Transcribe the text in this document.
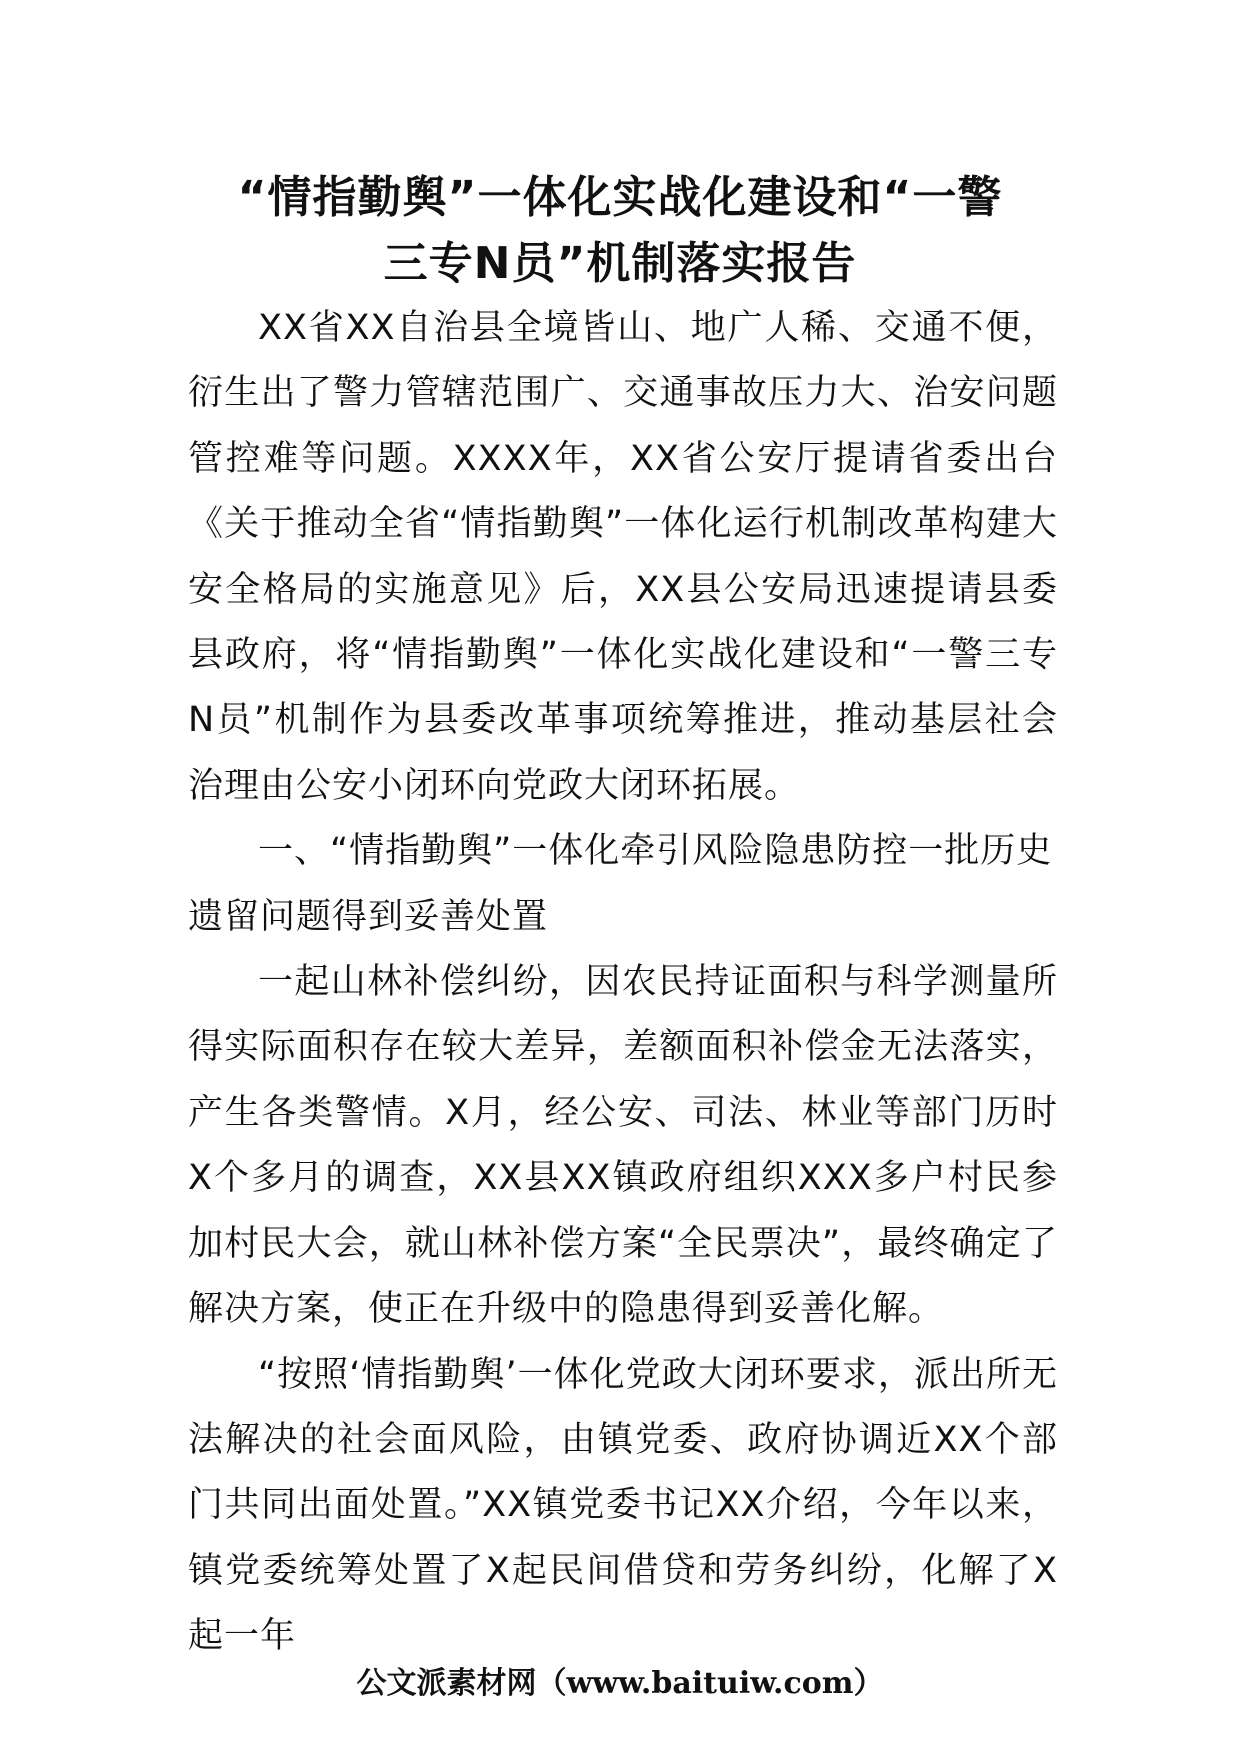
“情指勤舆”一体化实战化建设和“一警
三专N员”机制落实报告

XX省XX自治县全境皆山、地广人稀、交通不便，衍生出了警力管辖范围广、交通事故压力大、治安问题管控难等问题。XXXX年，XX省公安厅提请省委出台《关于推动全省“情指勤舆”一体化运行机制改革构建大安全格局的实施意见》后，XX县公安局迅速提请县委县政府，将“情指勤舆”一体化实战化建设和“一警三专N员”机制作为县委改革事项统筹推进，推动基层社会治理由公安小闭环向党政大闭环拓展。

一、“情指勤舆”一体化牵引风险隐患防控一批历史遗留问题得到妥善处置

一起山林补偿纠纷，因农民持证面积与科学测量所得实际面积存在较大差异，差额面积补偿金无法落实，产生各类警情。X月，经公安、司法、林业等部门历时X个多月的调查，XX县XX镇政府组织XXX多户村民参加村民大会，就山林补偿方案“全民票决”，最终确定了解决方案，使正在升级中的隐患得到妥善化解。

“按照‘情指勤舆’一体化党政大闭环要求，派出所无法解决的社会面风险，由镇党委、政府协调近XX个部门共同出面处置。”XX镇党委书记XX介绍，今年以来，镇党委统筹处置了X起民间借贷和劳务纠纷，化解了X起一年

公文派素材网（www.baituiw.com）
